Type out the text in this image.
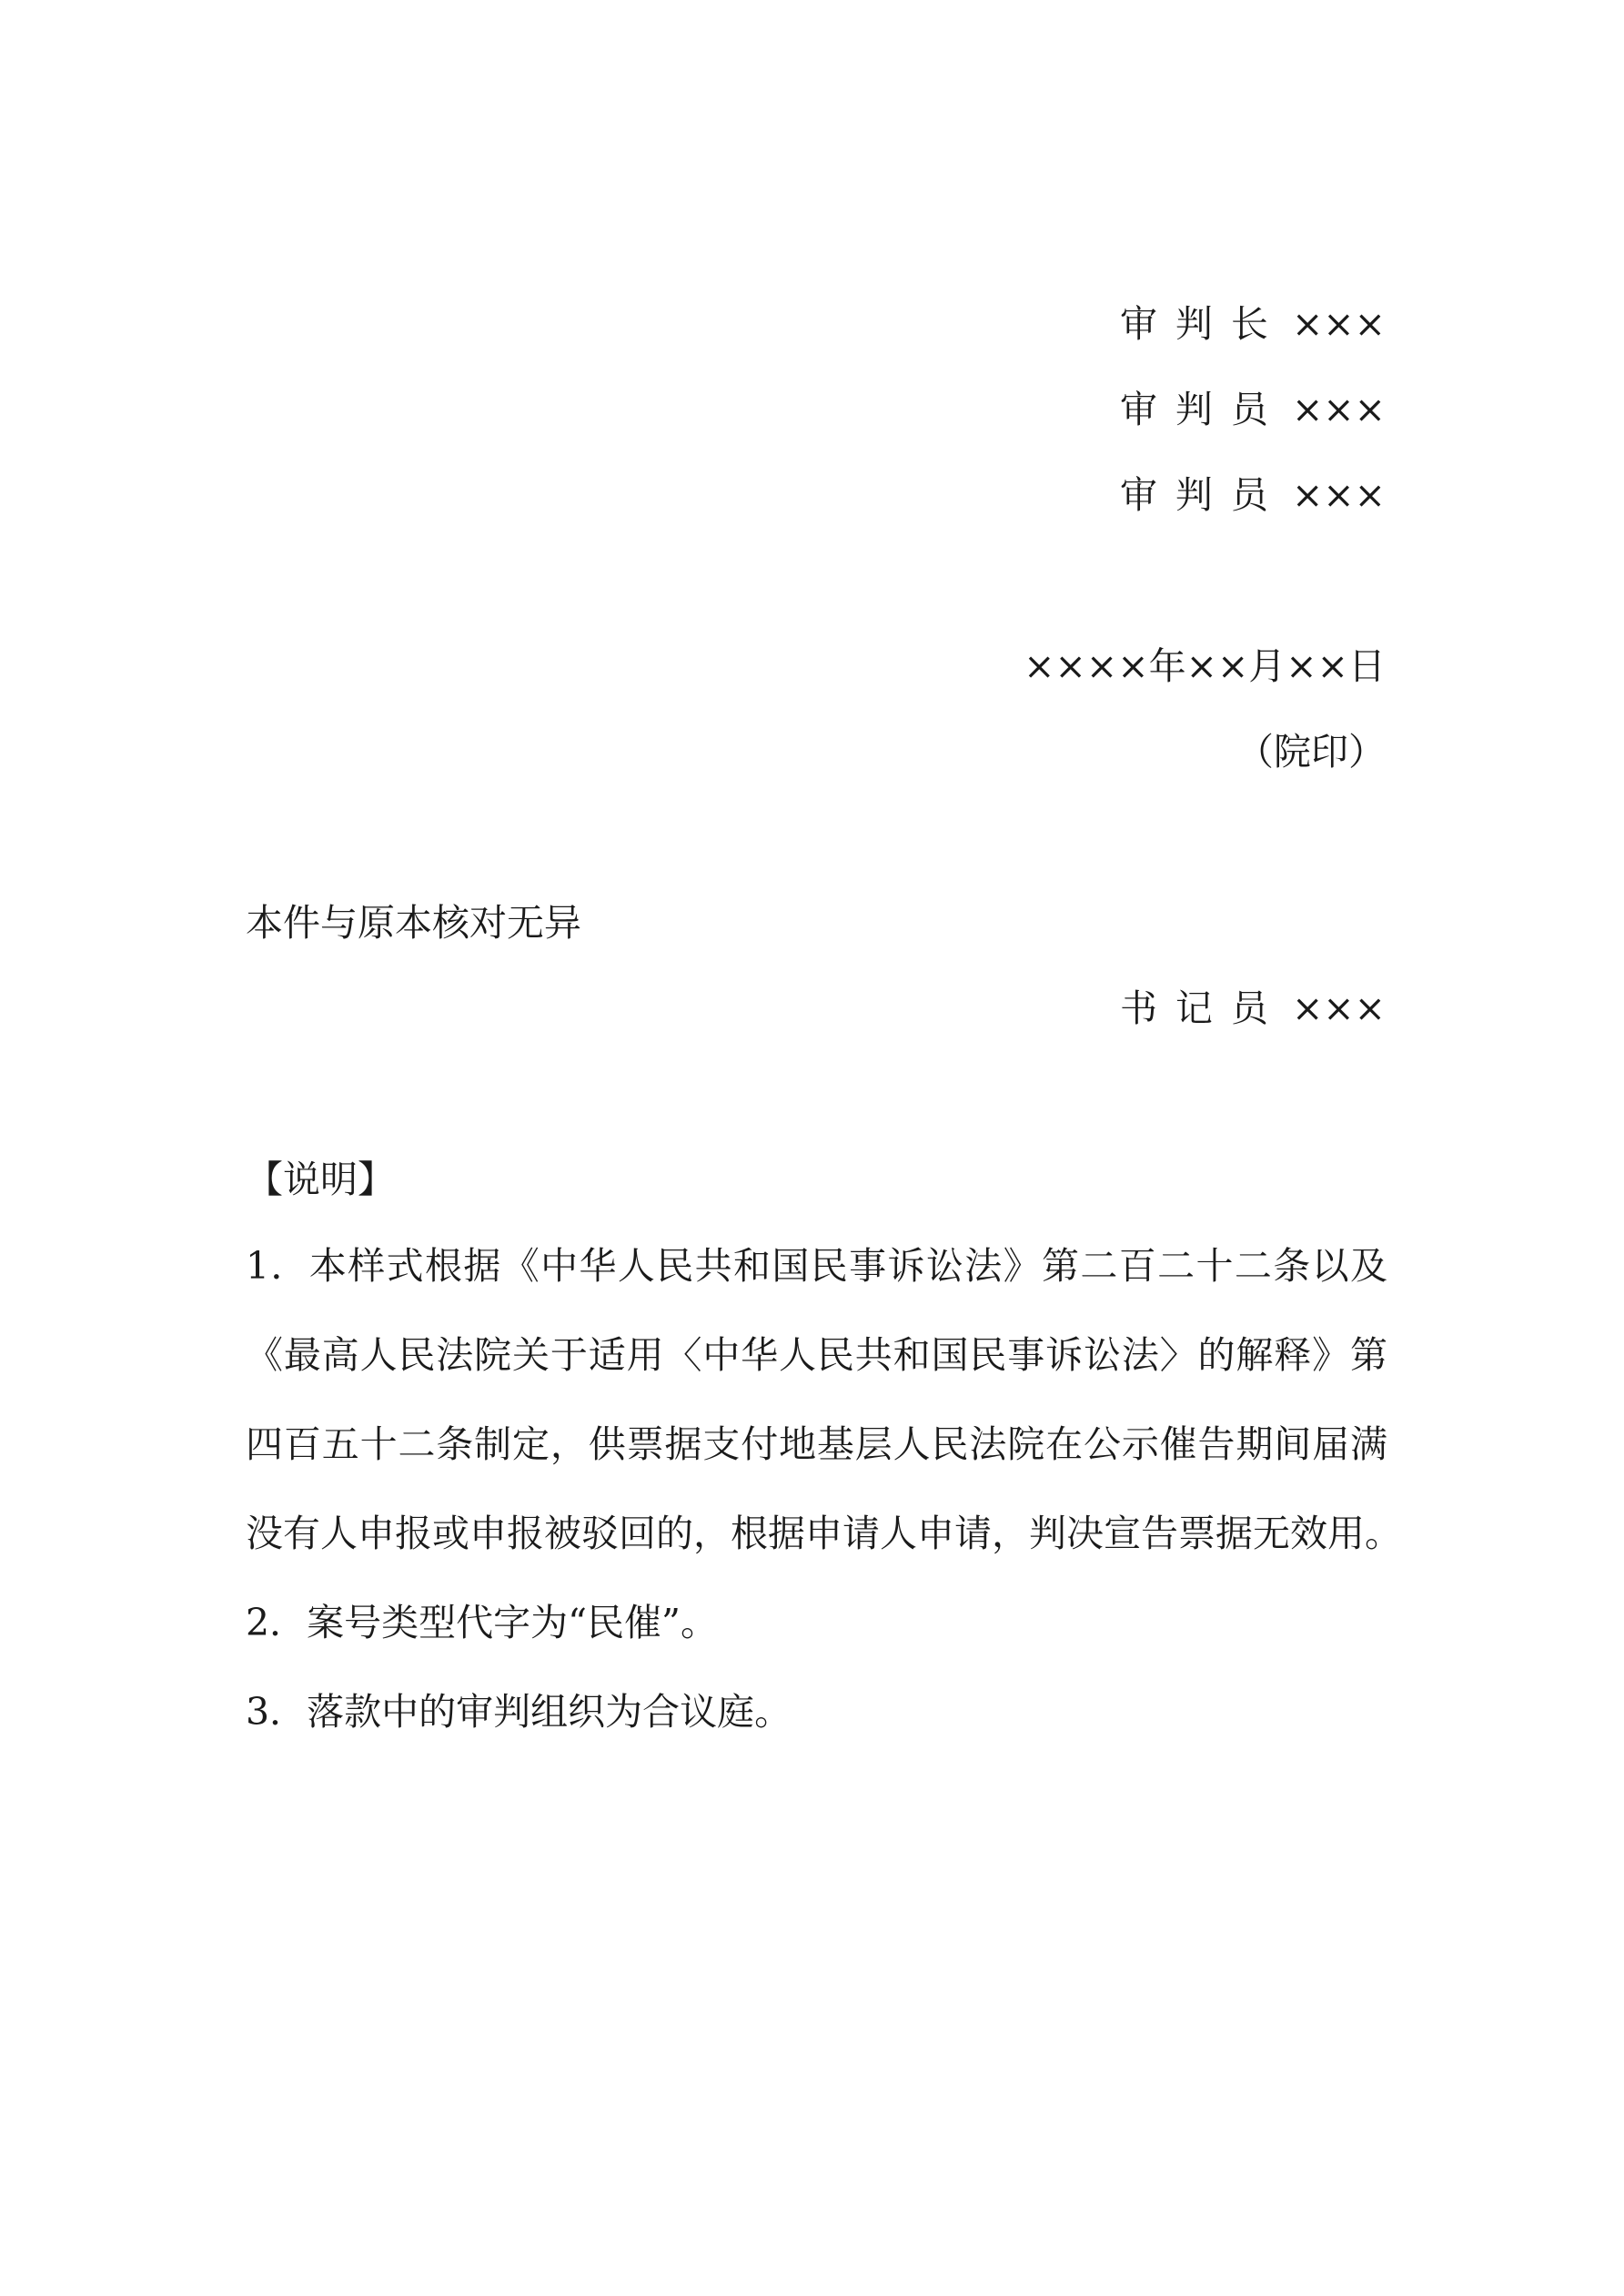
审判长 ×××
审判员 ×××
审判员 ×××
××××年××月××日
（院印）
本件与原本核对无异
书记员 ×××
【说明】
1．本样式根据《中华人民共和国民事诉讼法》第二百二十二条以及
《最高人民法院关于适用〈中华人民共和国民事诉讼法〉的解释》第
四百五十二条制定，供票据支付地基层人民法院在公示催告期间届满
没有人申报或申报被驳回的，根据申请人申请，判决宣告票据无效用。
2．案号类型代字为“民催”。
3．落款中的审判组织为合议庭。
